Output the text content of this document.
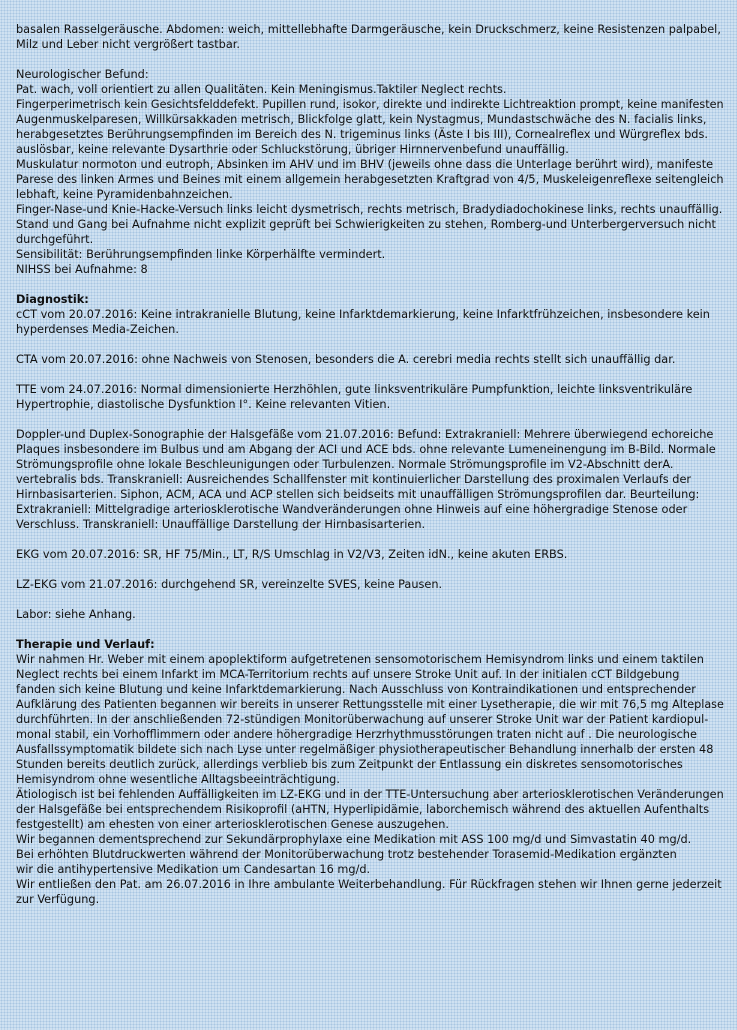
basalen Rasselgeräusche. Abdomen: weich, mittellebhafte Darmgeräusche, kein Druckschmerz, keine Resistenzen palpabel,

Milz und Leber nicht vergrößert tastbar.

Neurologischer Befund:

Pat. wach, voll orientiert zu allen Qualitäten. Kein Meningismus.Taktiler Neglect rechts.

Fingerperimetrisch kein Gesichtsfelddefekt. Pupillen rund, isokor, direkte und indirekte Lichtreaktion prompt, keine manifesten

Augenmuskelparesen, Willkürsakkaden metrisch, Blickfolge glatt, kein Nystagmus, Mundastschwäche des N. facialis links,

herabgesetztes Berührungsempfinden im Bereich des N. trigeminus links (Äste I bis III), Cornealreflex und Würgreflex bds.

auslösbar, keine relevante Dysarthrie oder Schluckstörung, übriger Hirnnervenbefund unauffällig.

Muskulatur normoton und eutroph, Absinken im AHV und im BHV (jeweils ohne dass die Unterlage berührt wird), manifeste

Parese des linken Armes und Beines mit einem allgemein herabgesetzten Kraftgrad von 4/5, Muskeleigenreflexe seitengleich

lebhaft, keine Pyramidenbahnzeichen.

Finger-Nase-und Knie-Hacke-Versuch links leicht dysmetrisch, rechts metrisch, Bradydiadochokinese links, rechts unauffällig.

Stand und Gang bei Aufnahme nicht explizit geprüft bei Schwierigkeiten zu stehen, Romberg-und Unterbergerversuch nicht

durchgeführt.

Sensibilität: Berührungsempfinden linke Körperhälfte vermindert.

NIHSS bei Aufnahme: 8

Diagnostik:

cCT vom 20.07.2016: Keine intrakranielle Blutung, keine Infarktdemarkierung, keine Infarktfrühzeichen, insbesondere kein

hyperdenses Media-Zeichen.

CTA vom 20.07.2016: ohne Nachweis von Stenosen, besonders die A. cerebri media rechts stellt sich unauffällig dar.

TTE vom 24.07.2016: Normal dimensionierte Herzhöhlen, gute linksventrikuläre Pumpfunktion, leichte linksventrikuläre

Hypertrophie, diastolische Dysfunktion I°. Keine relevanten Vitien.

Doppler-und Duplex-Sonographie der Halsgefäße vom 21.07.2016: Befund: Extrakraniell: Mehrere überwiegend echoreiche

Plaques insbesondere im Bulbus und am Abgang der ACI und ACE bds. ohne relevante Lumeneinengung im B-Bild. Normale

Strömungsprofile ohne lokale Beschleunigungen oder Turbulenzen. Normale Strömungsprofile im V2-Abschnitt derA.

vertebralis bds. Transkraniell: Ausreichendes Schallfenster mit kontinuierlicher Darstellung des proximalen Verlaufs der

Hirnbasisarterien. Siphon, ACM, ACA und ACP stellen sich beidseits mit unauffälligen Strömungsprofilen dar. Beurteilung:

Extrakraniell: Mittelgradige arteriosklerotische Wandveränderungen ohne Hinweis auf eine höhergradige Stenose oder

Verschluss. Transkraniell: Unauffällige Darstellung der Hirnbasisarterien.

EKG vom 20.07.2016: SR, HF 75/Min., LT, R/S Umschlag in V2/V3, Zeiten idN., keine akuten ERBS.

LZ-EKG vom 21.07.2016: durchgehend SR, vereinzelte SVES, keine Pausen.

Labor: siehe Anhang.

Therapie und Verlauf:

Wir nahmen Hr. Weber mit einem apoplektiform aufgetretenen sensomotorischem Hemisyndrom links und einem taktilen

Neglect rechts bei einem Infarkt im MCA-Territorium rechts auf unsere Stroke Unit auf. In der initialen cCT Bildgebung

fanden sich keine Blutung und keine Infarktdemarkierung. Nach Ausschluss von Kontraindikationen und entsprechender

Aufklärung des Patienten begannen wir bereits in unserer Rettungsstelle mit einer Lysetherapie, die wir mit 76,5 mg Alteplase

durchführten. In der anschließenden 72-stündigen Monitorüberwachung auf unserer Stroke Unit war der Patient kardiopul-

monal stabil, ein Vorhofflimmern oder andere höhergradige Herzrhythmusstörungen traten nicht auf . Die neurologische

Ausfallssymptomatik bildete sich nach Lyse unter regelmäßiger physiotherapeutischer Behandlung innerhalb der ersten 48

Stunden bereits deutlich zurück, allerdings verblieb bis zum Zeitpunkt der Entlassung ein diskretes sensomotorisches

Hemisyndrom ohne wesentliche Alltagsbeeinträchtigung.

Ätiologisch ist bei fehlenden Auffälligkeiten im LZ-EKG und in der TTE-Untersuchung aber arteriosklerotischen Veränderungen

der Halsgefäße bei entsprechendem Risikoprofil (aHTN, Hyperlipidämie, laborchemisch während des aktuellen Aufenthalts

festgestellt) am ehesten von einer arteriosklerotischen Genese auszugehen.

Wir begannen dementsprechend zur Sekundärprophylaxe eine Medikation mit ASS 100 mg/d und Simvastatin 40 mg/d.

Bei erhöhten Blutdruckwerten während der Monitorüberwachung trotz bestehender Torasemid-Medikation ergänzten

wir die antihypertensive Medikation um Candesartan 16 mg/d.

Wir entließen den Pat. am 26.07.2016 in Ihre ambulante Weiterbehandlung. Für Rückfragen stehen wir Ihnen gerne jederzeit

zur Verfügung.
